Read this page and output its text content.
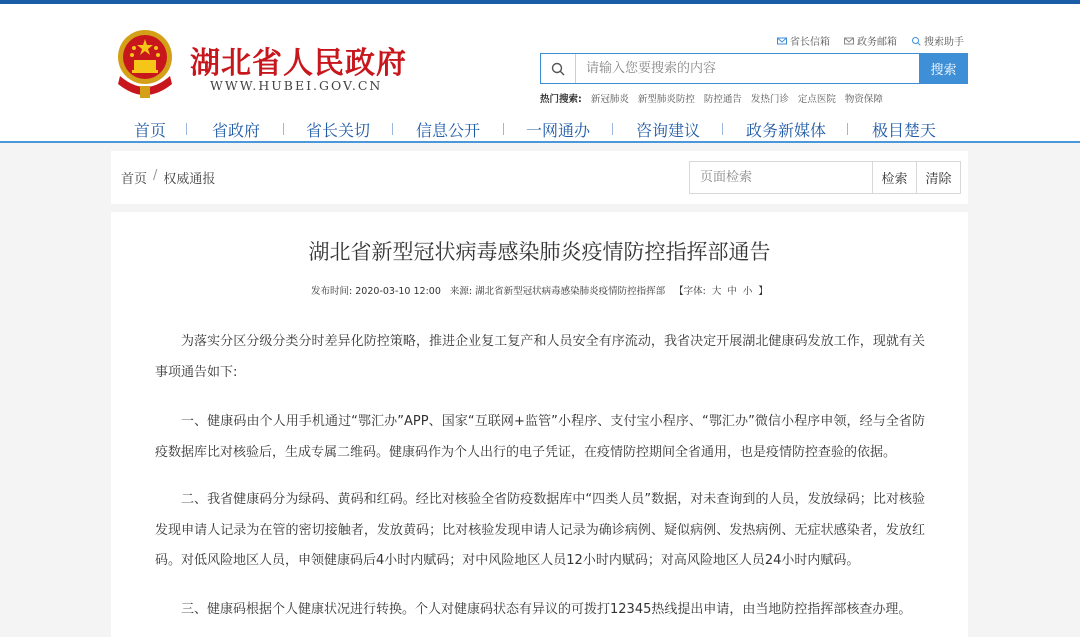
湖北省人民政府
WWW.HUBEI.GOV.CN
省长信箱	政务邮箱	搜索助手
请输入您要搜索的内容
搜索
热门搜索: 新冠肺炎 新型肺炎防控 防控通告 发热门诊 定点医院 物资保障
首页	省政府	省长关切	信息公开	一网通办	咨询建议	政务新媒体	极目楚天
首页 / 权威通报
页面检索	检索	清除
湖北省新型冠状病毒感染肺炎疫情防控指挥部通告
发布时间: 2020-03-10 12:00 来源: 湖北省新型冠状病毒感染肺炎疫情防控指挥部 【字体: 大 中 小 】

为落实分区分级分类分时差异化防控策略，推进企业复工复产和人员安全有序流动，我省决定开展湖北健康码发放工作，现就有关事项通告如下:

一、健康码由个人用手机通过“鄂汇办”APP、国家“互联网+监管”小程序、支付宝小程序、“鄂汇办”微信小程序申领，经与全省防疫数据库比对核验后，生成专属二维码。健康码作为个人出行的电子凭证，在疫情防控期间全省通用，也是疫情防控查验的依据。

二、我省健康码分为绿码、黄码和红码。经比对核验全省防疫数据库中“四类人员”数据，对未查询到的人员，发放绿码；比对核验发现申请人记录为在管的密切接触者，发放黄码；比对核验发现申请人记录为确诊病例、疑似病例、发热病例、无症状感染者，发放红码。对低风险地区人员，申领健康码后4小时内赋码；对中风险地区人员12小时内赋码；对高风险地区人员24小时内赋码。

三、健康码根据个人健康状况进行转换。个人对健康码状态有异议的可拨打12345热线提出申请，由当地防控指挥部核查办理。
